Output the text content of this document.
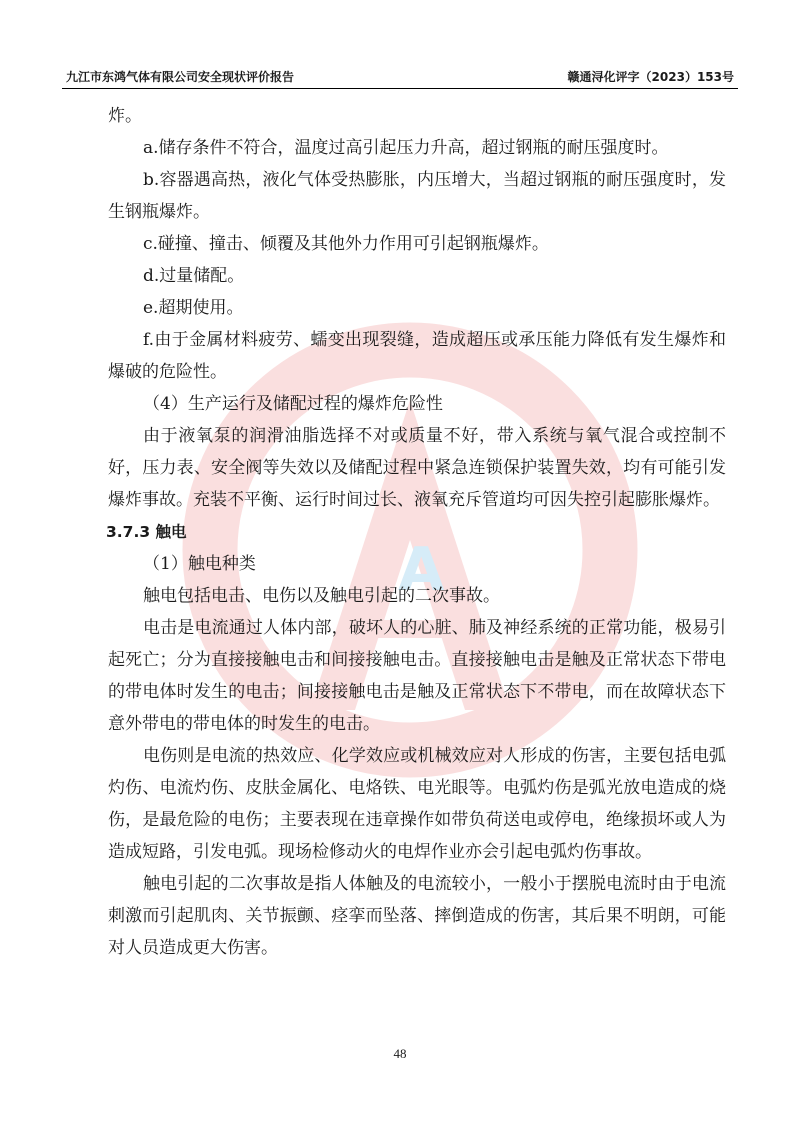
九江市东鸿气体有限公司安全现状评价报告	赣通浔化评字（2023）153号
A

炸。

a.储存条件不符合，温度过高引起压力升高，超过钢瓶的耐压强度时。

b.容器遇高热，液化气体受热膨胀，内压增大，当超过钢瓶的耐压强度时，发生钢瓶爆炸。

c.碰撞、撞击、倾覆及其他外力作用可引起钢瓶爆炸。

d.过量储配。

e.超期使用。

f.由于金属材料疲劳、蠕变出现裂缝，造成超压或承压能力降低有发生爆炸和爆破的危险性。

（4）生产运行及储配过程的爆炸危险性

由于液氧泵的润滑油脂选择不对或质量不好，带入系统与氧气混合或控制不好，压力表、安全阀等失效以及储配过程中紧急连锁保护装置失效，均有可能引发爆炸事故。充装不平衡、运行时间过长、液氧充斥管道均可因失控引起膨胀爆炸。

3.7.3 触电

（1）触电种类

触电包括电击、电伤以及触电引起的二次事故。

电击是电流通过人体内部，破坏人的心脏、肺及神经系统的正常功能，极易引起死亡；分为直接接触电击和间接接触电击。直接接触电击是触及正常状态下带电的带电体时发生的电击；间接接触电击是触及正常状态下不带电，而在故障状态下意外带电的带电体的时发生的电击。

电伤则是电流的热效应、化学效应或机械效应对人形成的伤害，主要包括电弧灼伤、电流灼伤、皮肤金属化、电烙铁、电光眼等。电弧灼伤是弧光放电造成的烧伤，是最危险的电伤；主要表现在违章操作如带负荷送电或停电，绝缘损坏或人为造成短路，引发电弧。现场检修动火的电焊作业亦会引起电弧灼伤事故。

触电引起的二次事故是指人体触及的电流较小，一般小于摆脱电流时由于电流刺激而引起肌肉、关节振颤、痉挛而坠落、摔倒造成的伤害，其后果不明朗，可能对人员造成更大伤害。

48
